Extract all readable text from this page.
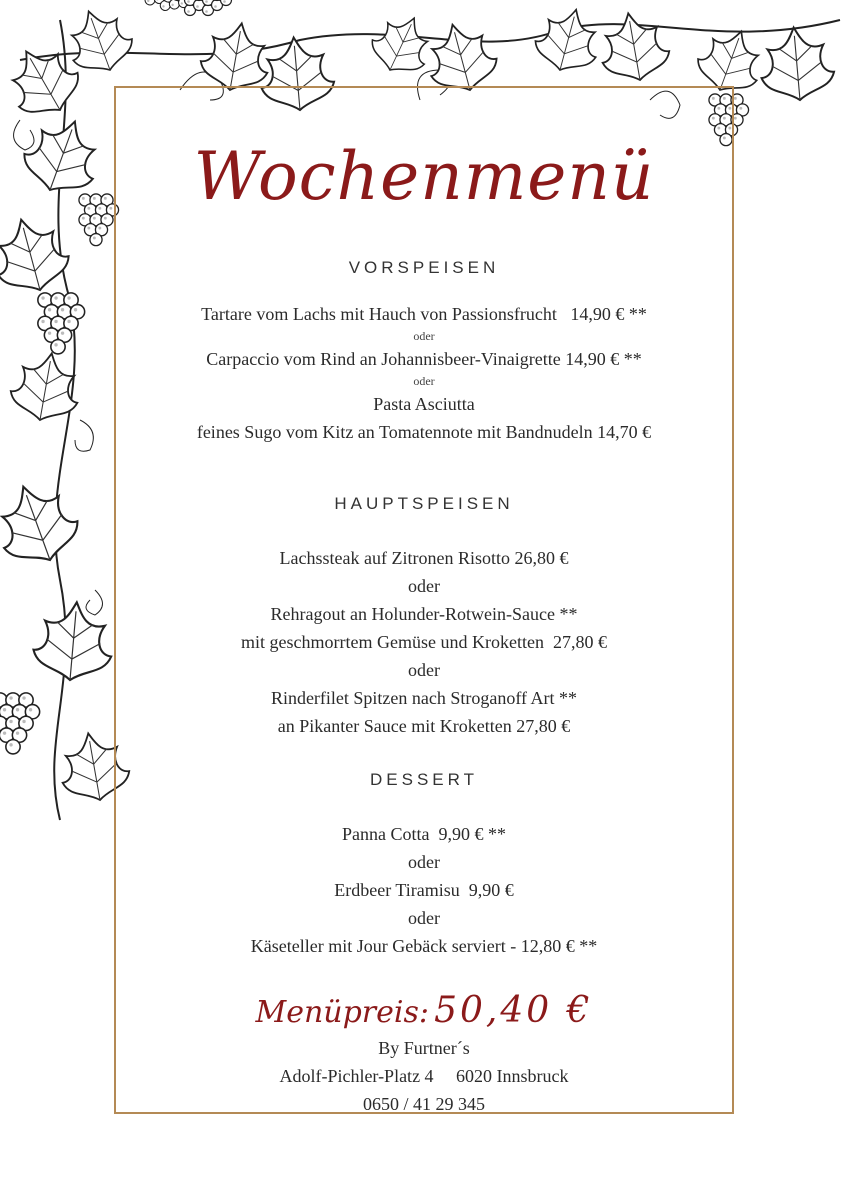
Wochenmenü
VORSPEISEN
Tartare vom Lachs mit Hauch von Passionsfrucht   14,90 € **
oder
Carpaccio vom Rind an Johannisbeer-Vinaigrette 14,90 € **
oder
Pasta Asciutta
feines Sugo vom Kitz an Tomatennote mit Bandnudeln 14,70 €
HAUPTSPEISEN
Lachssteak auf Zitronen Risotto 26,80 €
oder
Rehragout an Holunder-Rotwein-Sauce **
mit geschmorrtem Gemüse und Kroketten  27,80 €
oder
Rinderfilet Spitzen nach Stroganoff Art **
an Pikanter Sauce mit Kroketten 27,80 €
DESSERT
Panna Cotta  9,90 € **
oder
Erdbeer Tiramisu  9,90 €
oder
Käseteller mit Jour Gebäck serviert - 12,80 € **
Menüpreis: 50,40 €
By Furtner´s
Adolf-Pichler-Platz 4     6020 Innsbruck
0650 / 41 29 345
